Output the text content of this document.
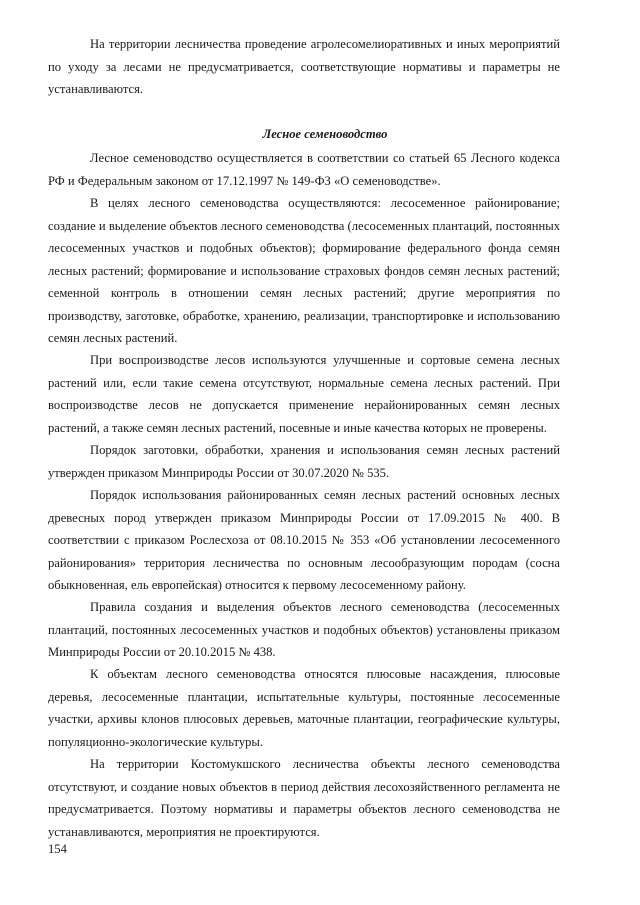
На территории лесничества проведение агролесомелиоративных и иных мероприятий по уходу за лесами не предусматривается, соответствующие нормативы и параметры не устанавливаются.

Лесное семеноводство

Лесное семеноводство осуществляется в соответствии со статьей 65 Лесного кодекса РФ и Федеральным законом от 17.12.1997 № 149-ФЗ «О семеноводстве».

В целях лесного семеноводства осуществляются: лесосеменное районирование; создание и выделение объектов лесного семеноводства (лесосеменных плантаций, постоянных лесосеменных участков и подобных объектов); формирование федерального фонда семян лесных растений; формирование и использование страховых фондов семян лесных растений; семенной контроль в отношении семян лесных растений; другие мероприятия по производству, заготовке, обработке, хранению, реализации, транспортировке и использованию семян лесных растений.

При воспроизводстве лесов используются улучшенные и сортовые семена лесных растений или, если такие семена отсутствуют, нормальные семена лесных растений. При воспроизводстве лесов не допускается применение нерайонированных семян лесных растений, а также семян лесных растений, посевные и иные качества которых не проверены.

Порядок заготовки, обработки, хранения и использования семян лесных растений утвержден приказом Минприроды России от 30.07.2020 № 535.

Порядок использования районированных семян лесных растений основных лесных древесных пород утвержден приказом Минприроды России от 17.09.2015 № 400. В соответствии с приказом Рослесхоза от 08.10.2015 № 353 «Об установлении лесосеменного районирования» территория лесничества по основным лесообразующим породам (сосна обыкновенная, ель европейская) относится к первому лесосеменному району.

Правила создания и выделения объектов лесного семеноводства (лесосеменных плантаций, постоянных лесосеменных участков и подобных объектов) установлены приказом Минприроды России от 20.10.2015 № 438.

К объектам лесного семеноводства относятся плюсовые насаждения, плюсовые деревья, лесосеменные плантации, испытательные культуры, постоянные лесосеменные участки, архивы клонов плюсовых деревьев, маточные плантации, географические культуры, популяционно-экологические культуры.

На территории Костомукшского лесничества объекты лесного семеноводства отсутствуют, и создание новых объектов в период действия лесохозяйственного регламента не предусматривается. Поэтому нормативы и параметры объектов лесного семеноводства не устанавливаются, мероприятия не проектируются.

154
